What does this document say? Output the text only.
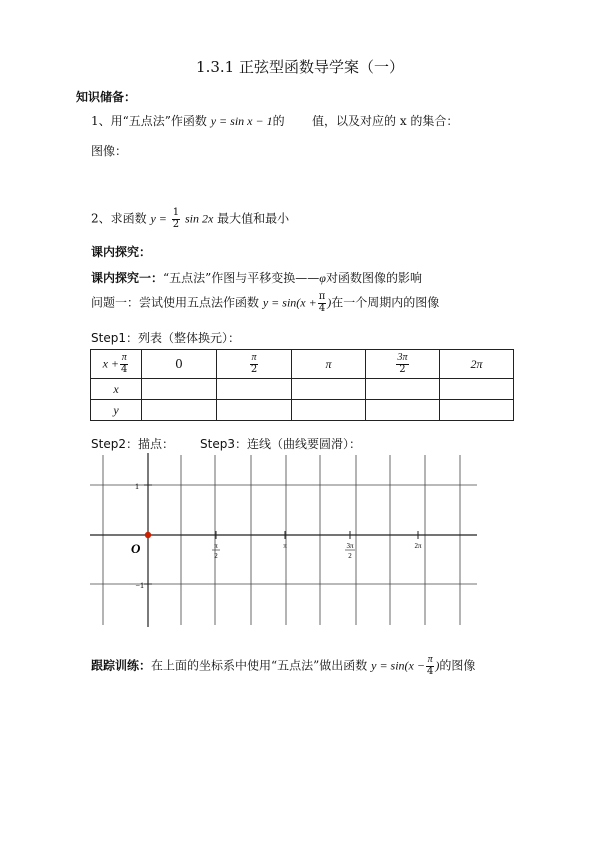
1.3.1 正弦型函数导学案（一）
知识储备：
1、用“五点法”作函数 y = sin x − 1的 值，以及对应的 x 的集合：
图像：
2、求函数 $y = \frac{1}{2}$ sin 2x 最大值和最小
课内探究：
课内探究一：“五点法”作图与平移变换——φ对函数图像的影响
问题一：尝试使用五点法作函数 $y = \sin(x + \frac{\pi}{4}$ )在一个周期内的图像
Step1：列表（整体换元）：
$x + \frac{\pi}{4}$	0	$\frac{\pi}{2}$	π	$\frac{3\pi}{2}$	2π
x					
y					
Step2：描点： Step3：连线（曲线要圆滑）：
1
−1
O	π
2
π	3π
2
2π
跟踪训练：在上面的坐标系中使用“五点法”做出函数 $y = \sin(x - \frac{\pi}{4}$ )的图像
